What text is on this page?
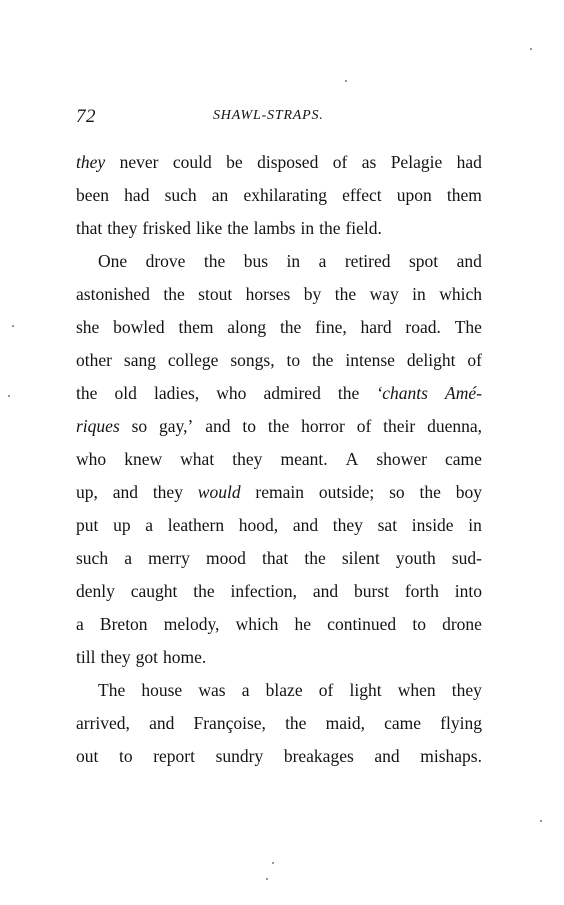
72	SHAWL-STRAPS.
they never could be disposed of as Pelagie had
been had such an exhilarating effect upon them
that they frisked like the lambs in the field.
One drove the bus in a retired spot and
astonished the stout horses by the way in which
she bowled them along the fine, hard road. The
other sang college songs, to the intense delight of
the old ladies, who admired the ‘chants Amé-
riques so gay,’ and to the horror of their duenna,
who knew what they meant. A shower came
up, and they would remain outside; so the boy
put up a leathern hood, and they sat inside in
such a merry mood that the silent youth sud-
denly caught the infection, and burst forth into
a Breton melody, which he continued to drone
till they got home.
The house was a blaze of light when they
arrived, and Françoise, the maid, came flying
out to report sundry breakages and mishaps.
